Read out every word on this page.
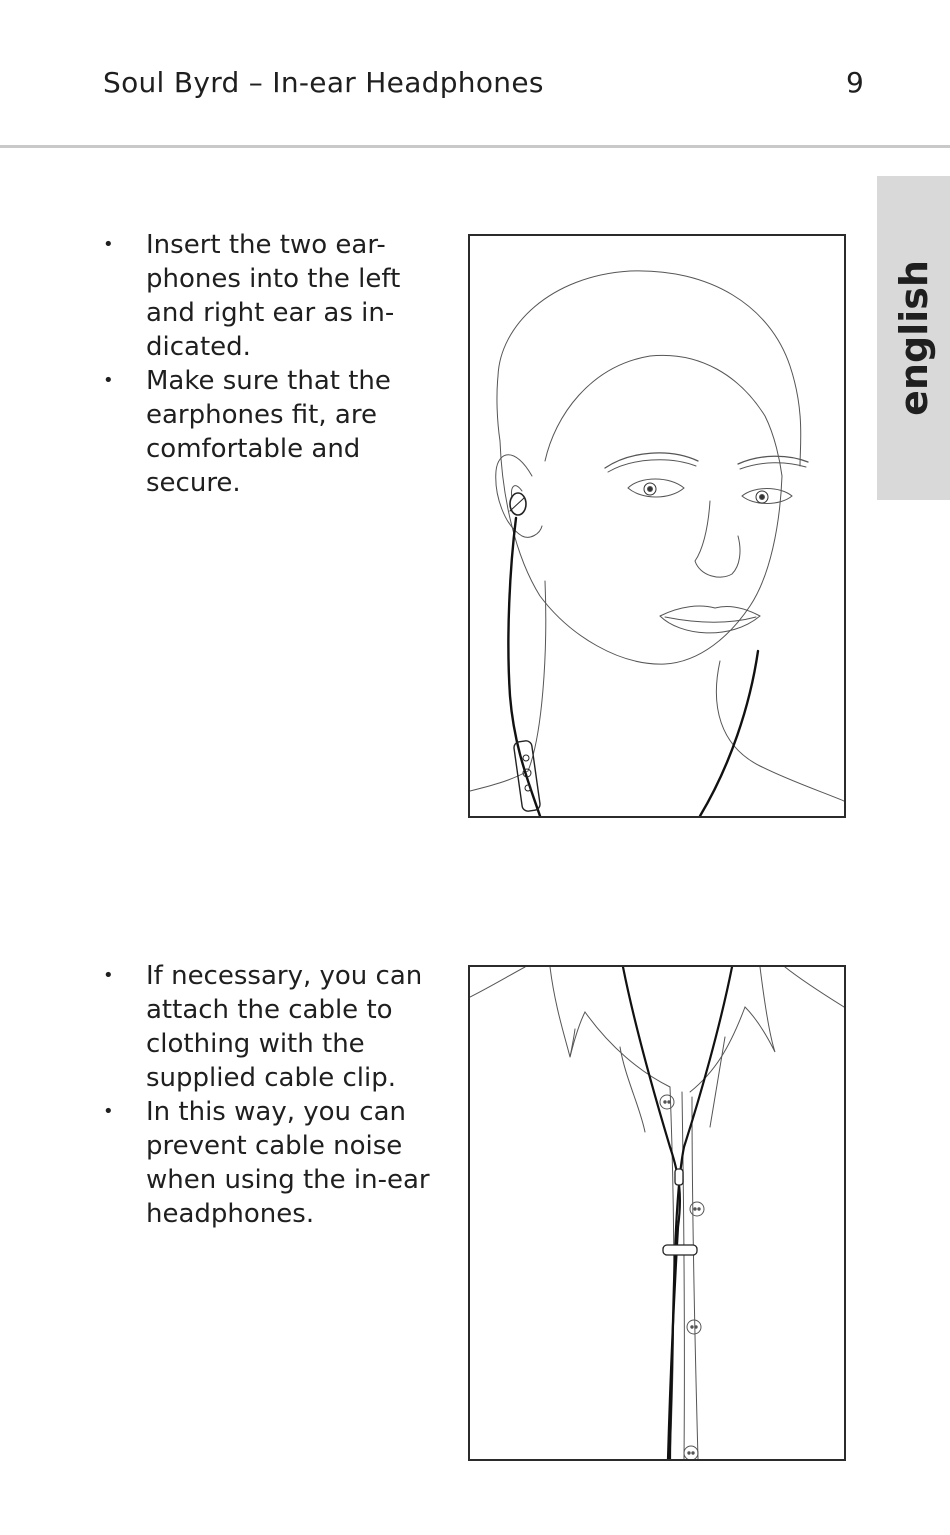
Soul Byrd – In-ear Headphones	9
english
• Insert the two ear-phones into the left and right ear as in-dicated.
• Make sure that the earphones fit, are comfortable and secure.
• If necessary, you can attach the cable to clothing with the supplied cable clip.
• In this way, you can prevent cable noise when using the in-ear headphones.
